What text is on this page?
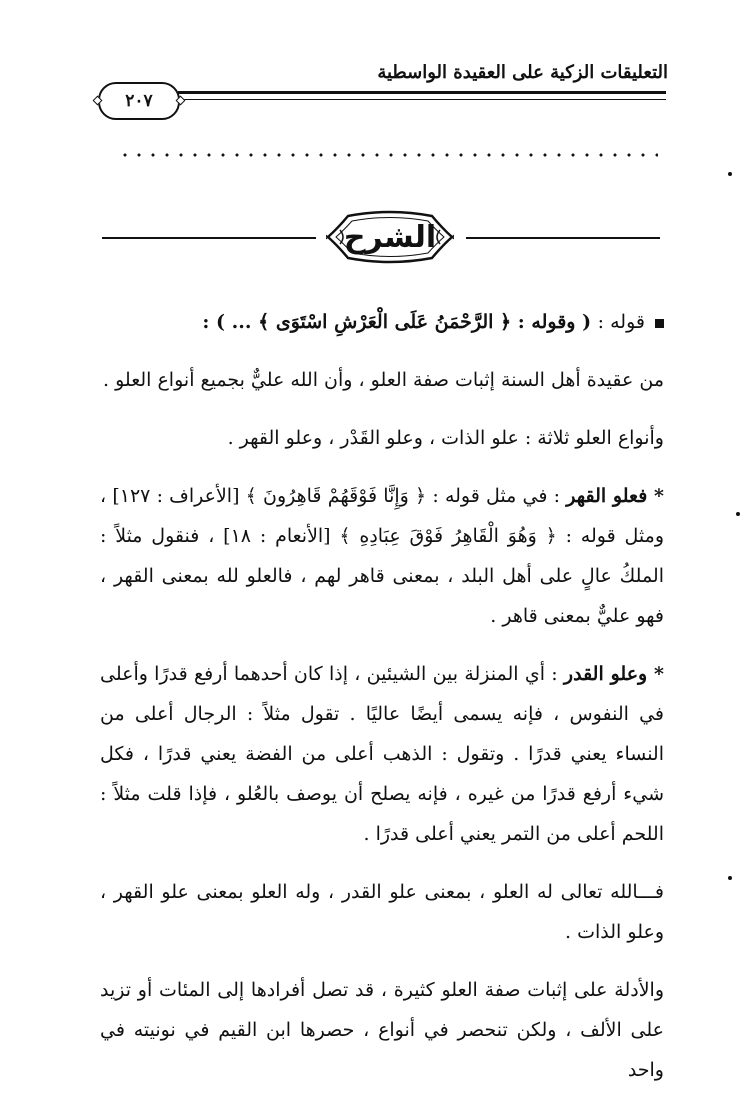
التعليقات الزكية على العقيدة الواسطية
٢٠٧
الشرح

قوله : ( وقوله : ﴿ الرَّحْمَنُ عَلَى الْعَرْشِ اسْتَوَى ﴾ ... ) :

من عقيدة أهل السنة إثبات صفة العلو ، وأن الله عليٌّ بجميع أنواع العلو .

وأنواع العلو ثلاثة : علو الذات ، وعلو القَدْر ، وعلو القهر .

* فعلو القهر : في مثل قوله : ﴿ وَإِنَّا فَوْقَهُمْ قَاهِرُونَ ﴾ [الأعراف : ١٢٧] ، ومثل قوله : ﴿ وَهُوَ الْقَاهِرُ فَوْقَ عِبَادِهِ ﴾ [الأنعام : ١٨] ، فنقول مثلاً : الملكُ عالٍ على أهل البلد ، بمعنى قاهر لهم ، فالعلو لله بمعنى القهر ، فهو عليٌّ بمعنى قاهر .

* وعلو القدر : أي المنزلة بين الشيئين ، إذا كان أحدهما أرفع قدرًا وأعلى في النفوس ، فإنه يسمى أيضًا عاليًا . تقول مثلاً : الرجال أعلى من النساء يعني قدرًا . وتقول : الذهب أعلى من الفضة يعني قدرًا ، فكل شيء أرفع قدرًا من غيره ، فإنه يصلح أن يوصف بالعُلو ، فإذا قلت مثلاً : اللحم أعلى من التمر يعني أعلى قدرًا .

فـــالله تعالى له العلو ، بمعنى علو القدر ، وله العلو بمعنى علو القهر ، وعلو الذات .

والأدلة على إثبات صفة العلو كثيرة ، قد تصل أفرادها إلى المئات أو تزيد على الألف ، ولكن تنحصر في أنواع ، حصرها ابن القيم في نونيته في واحد
